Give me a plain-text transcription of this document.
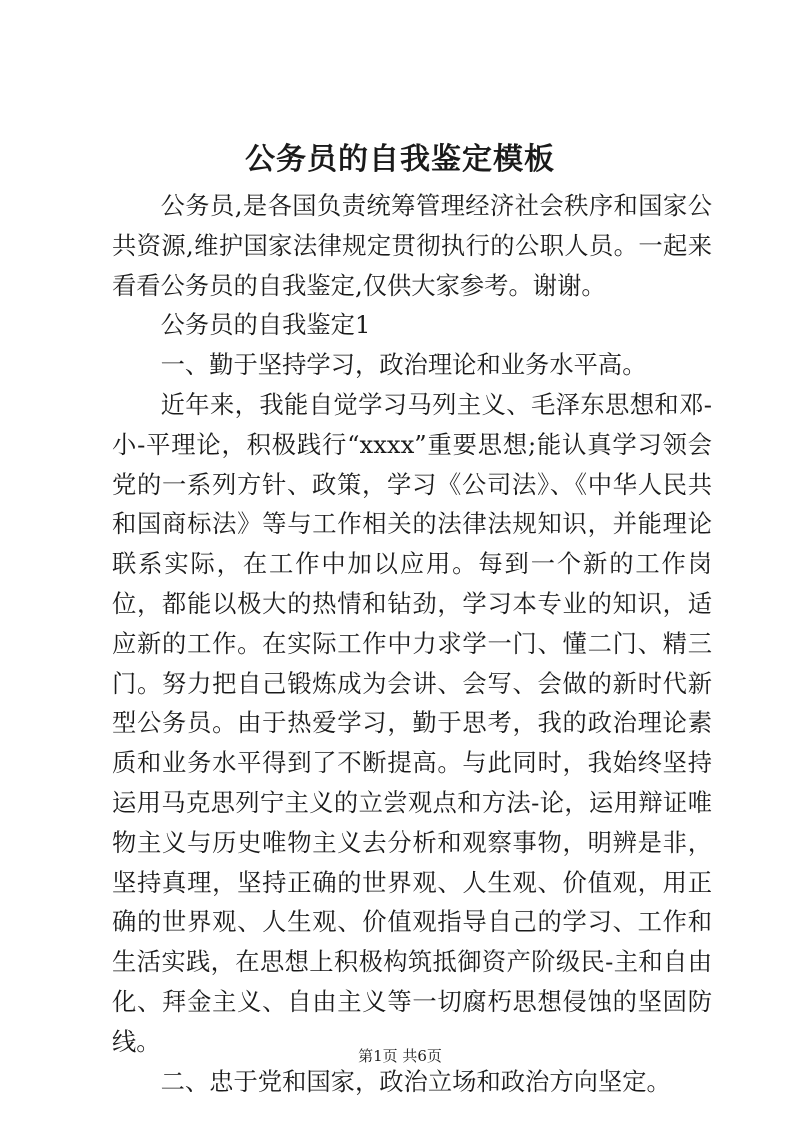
公务员的自我鉴定模板

公务员,是各国负责统筹管理经济社会秩序和国家公共资源,维护国家法律规定贯彻执行的公职人员。一起来看看公务员的自我鉴定,仅供大家参考。谢谢。

公务员的自我鉴定1

一、勤于坚持学习，政治理论和业务水平高。

近年来，我能自觉学习马列主义、毛泽东思想和邓-小-平理论，积极践行“xxxx”重要思想;能认真学习领会党的一系列方针、政策，学习《公司法》、《中华人民共和国商标法》等与工作相关的法律法规知识，并能理论联系实际，在工作中加以应用。每到一个新的工作岗位，都能以极大的热情和钻劲，学习本专业的知识，适应新的工作。在实际工作中力求学一门、懂二门、精三门。努力把自己锻炼成为会讲、会写、会做的新时代新型公务员。由于热爱学习，勤于思考，我的政治理论素质和业务水平得到了不断提高。与此同时，我始终坚持运用马克思列宁主义的立尝观点和方法-论，运用辩证唯物主义与历史唯物主义去分析和观察事物，明辨是非，坚持真理，坚持正确的世界观、人生观、价值观，用正确的世界观、人生观、价值观指导自己的学习、工作和生活实践，在思想上积极构筑抵御资产阶级民-主和自由化、拜金主义、自由主义等一切腐朽思想侵蚀的坚固防线。

二、忠于党和国家，政治立场和政治方向坚定。

第1页 共6页
